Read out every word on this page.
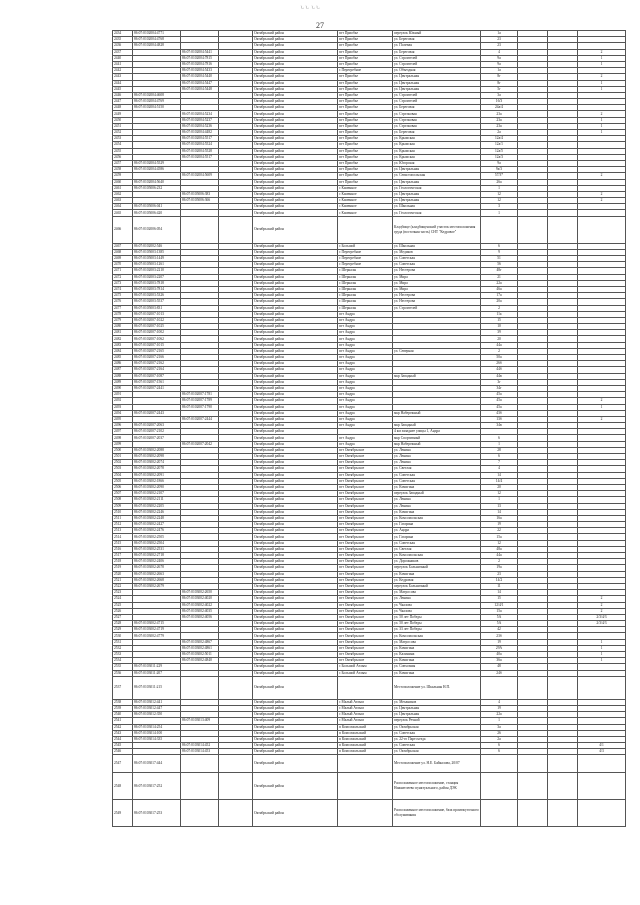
ㄴㄴ ㄴㄴ
27
2434	86:07:0102004:4771			Октябрьский район	пгт Приобье	переулок Южный	1а			
2435	86:07:0102004:4768			Октябрьский район	пгт Приобье	ул. Береговая	23			
2436	86:07:0102004:4828			Октябрьский район	пгт Приобье	ул. Полевая	23			
2437		86:07:0102004:5441		Октябрьский район	пгт Приобье	ул. Береговая	4			2
2440		86:07:0102004:7815		Октябрьский район	пгт Приобье	ул. Строителей	9а			1
2441		86:07:0102004:7816		Октябрьский район	пгт Приобье	ул. Строителей	9а			1
2442		86:07:0102004:5433		Октябрьский район	с Перегребное	ул. Объездная	1а			
2443		86:07:0102004:5440		Октябрьский район	пгт Приобье	ул. Центральная	8г			2
2444		86:07:0102004:5447		Октябрьский район	пгт Приобье	ул. Центральная	8г			1
2445		86:07:0102004:5448		Октябрьский район	пгт Приобье	ул. Центральная	5г			1
2446	86:07:0102004:4608			Октябрьский район	пгт Приобье	ул. Строителей	3а			
2447	86:07:0102004:4769			Октябрьский район	пгт Приобье	ул. Строителей	16/3			
2448	86:07:0102004:5150			Октябрьский район	пгт Приобье	ул. Береговая	24а/4			
2449		86:07:0102004:5234		Октябрьский район	пгт Приобье	ул. Стрелковая	23а			2
2450		86:07:0102004:5237		Октябрьский район	пгт Приобье	ул. Стрелковая	23а			1
2451		86:07:0102004:5236		Октябрьский район	пгт Приобье	ул. Стрелковая	23а			1
2452		86:07:0102004:4482		Октябрьский район	пгт Приобье	ул. Береговая	2а			1
2453		86:07:0102004:5517		Октябрьский район	пгт Приобье	ул. Крымская	12а/4			
2454		86:07:0102004:5524		Октябрьский район	пгт Приобье	ул. Крымская	12а/1			
2455		86:07:0102004:5528		Октябрьский район	пгт Приобье	ул. Крымская	12а/5			
2456		86:07:0102004:5517		Октябрьский район	пгт Приобье	ул. Крымская	12а/3			
2457	86:07:0102004:5529			Октябрьский район	пгт Приобье	ул. Югорская	9а			
2458	86:07:0102004:4586			Октябрьский район	пгт Приобье	ул. Центральная	9а/3			
2459		86:07:0102004:5609		Октябрьский район	пгт Приобье	ул. Севастопольская	57/3*			2
2460	86:07:0102004:5640			Октябрьский район	пгт Приобье	ул. Центральная	26а			
2461	86:07:0105006:232			Октябрьский район	с Каменное	ул. Геологическая	1			
2462		86:07:0105006:383		Октябрьский район	с Каменное	ул. Центральная	12			2
2463		86:07:0105006:366		Октябрьский район	с Каменное	ул. Центральная	12			2
2464	86:07:0105006:041			Октябрьский район	с Каменное	ул. Школьная	3			
2465	86:07:0105006:420			Октябрьский район	с Каменное	ул. Геологическая	1			
2466	86:07:0102006:054			Октябрьский район		Кладбище (кладбищенский участок местоположения груда (восточная часть) СНТ "Кедровое"				
2467	86:07:0102002:546			Октябрьский район	с Большой	ул. Школьная	6			
2468	86:07:0105003:1385			Октябрьский район	с Перегребное	ул. Медиков	9			
2469	86:07:0105003:1449			Октябрьский район	с Перегребное	ул. Советская	51			
2470	86:07:0105003:1261			Октябрьский район	с Перегребное	ул. Советская	56			
2471	86:07:0102003:2210			Октябрьский район	с Шеркалы	ул. Нестерова	48г			
2472	86:07:0102003:2207			Октябрьский район	с Шеркалы	ул. Мира	21			
2473	86:07:0102003:7818			Октябрьский район	с Шеркалы	ул. Мира	22а			
2474	86:07:0102003:7814			Октябрьский район	с Шеркалы	ул. Мира	46а			
2475	86:07:0102003:5326			Октябрьский район	с Шеркалы	ул. Нестерова	17а			
2476	86:07:0102003:5537			Октябрьский район	с Шеркалы	ул. Нестерова	20а			
2477	86:07:0105003:831			Октябрьский район	с Шеркалы	ул. Строителей	2			
2478	86:07:0102007:1013			Октябрьский район	пгт Андра		11а			
2479	86:07:0102007:1022			Октябрьский район	пгт Андра		15			
2480	86:07:0102007:1025			Октябрьский район	пгт Андра		10			
2481	86:07:0102007:1002			Октябрьский район	пгт Андра		39			
2482	86:07:0102007:1062			Октябрьский район	пгт Андра		20			
2483	86:07:0102007:1015			Октябрьский район	пгт Андра		44а			
2484	86:07:0102007:2165			Октябрьский район	пгт Андра	ул. Северная	2			
2485	86:07:0102007:2166			Октябрьский район	пгт Андра		50а			
2486	86:07:0102007:2162			Октябрьский район	пгт Андра		26б			
2487	86:07:0102007:2164			Октябрьский район	пгт Андра		44б			
2488	86:07:0102007:1087			Октябрьский район	пгт Андра	мкр Западный	44в			
2489	86:07:0102007:1561			Октябрьский район	пгт Андра		3г			
2490	86:07:0102007:2441			Октябрьский район	пгт Андра		34г			
2491		86:07:0102007:1781		Октябрьский район	пгт Андра		45а			
2492		86:07:0102007:1789		Октябрьский район	пгт Андра		45а			2
2493		86:07:0102007:1790		Октябрьский район	пгт Андра		45а			1
2494	86:07:0102007:2443			Октябрьский район	пгт Андра	мкр Набережный	43б			
2495		86:07:0102007:2444		Октябрьский район	пгт Андра		13б			2
2496	86:07:0102007:2063			Октябрьский район	пгт Андра	мкр Западный	34в			
2497	86:07:0102007:2102			Октябрьский район		4 км западнее улицы 1, Андра				
2498	86:07:0102007:2037			Октябрьский район	пгт Андра	мкр Спортивный	6			
2499		86:07:0102007:2042		Октябрьский район	пгт Андра	мкр Набережный	1			
2500	86:07:0103002:2088			Октябрьский район	пгт Октябрьское	ул. Ленина	28			
2501	86:07:0103002:2098			Октябрьский район	пгт Октябрьское	ул. Ленина	6			
2502	86:07:0103002:2074			Октябрьский район	пгт Октябрьское	ул. Ленина	7			
2503	86:07:0103002:2078			Октябрьский район	пгт Октябрьское	ул. Светлая	4			
2504	86:07:0103002:2091			Октябрьский район	пгт Октябрьское	ул. Советская	14			
2505	86:07:0103002:1866			Октябрьский район	пгт Октябрьское	ул. Советская	14/4			
2506	86:07:0103002:2090			Октябрьский район	пгт Октябрьское	ул. Кичигина	20			
2507	86:07:0103002:2107			Октябрьский район	пгт Октябрьское	переулок Западный	12			
2508	86:07:0103002:2111			Октябрьский район	пгт Октябрьское	ул. Ленина	1			
2509	86:07:0103002:2205			Октябрьский район	пгт Октябрьское	ул. Ленина	13			
2510	86:07:0103002:2246			Октябрьский район	пгт Октябрьское	ул. Кичигина	14			
2511	86:07:0103002:2248			Октябрьский район	пгт Октябрьское	ул. Комсомольская	16а			
2512	86:07:0103002:2427			Октябрьский район	пгт Октябрьское	ул. Гагарина	19			
2513	86:07:0103002:2476			Октябрьский район	пгт Октябрьское	ул. Андра	22			
2514	86:07:0103002:2505			Октябрьский район	пгт Октябрьское	ул. Гагарина	15а			
2515	86:07:0103002:2504			Октябрьский район	пгт Октябрьское	ул. Советская	12			
2516	86:07:0103002:2531			Октябрьский район	пгт Октябрьское	ул. Светлая	48а			
2517	86:07:0103002:2718			Октябрьский район	пгт Октябрьское	ул. Комсомольская	44а			
2518	86:07:0103002:2406			Октябрьский район	пгт Октябрьское	ул. Дорожников	2			
2519	86:07:0103002:2678			Октябрьский район	пгт Октябрьское	переулок Больничный	19а			
2520	86:07:0103002:2663			Октябрьский район	пгт Октябрьское	ул. Кичигина	23			
2521	86:07:0103002:2668			Октябрьский район	пгт Октябрьское	ул. Кедровая	14/2			
2522	86:07:0103002:2679			Октябрьский район	пгт Октябрьское	переулок Больничный	11			
2523		86:07:0103002:2650		Октябрьский район	пгт Октябрьское	ул. Матросова	14			
2524		86:07:0103002:4020		Октябрьский район	пгт Октябрьское	ул. Ленина	15			2
2525		86:07:0103002:4022		Октябрьский район	пгт Октябрьское	ул. Чкалова	12/4/1			2
2526		86:07:0103002:4035		Октябрьский район	пгт Октябрьское	ул. Чкалова	15а			2
2527		86:07:0103002:4056		Октябрьский район	пгт Октябрьское	ул. 50 лет Победы	5А			2/3/4/3
2528	86:07:0103002:4715			Октябрьский район	пгт Октябрьское	ул. 50 лет Победы	5А			2/3/4/3
2529	86:07:0103002:4719			Октябрьский район	пгт Октябрьское	ул. 33 лет Победы	42			
2530	86:07:0103002:4779			Октябрьский район	пгт Октябрьское	ул. Комсомольская	23б			
2531		86:07:0103002:4867		Октябрьский район	пгт Октябрьское	ул. Матросова	19			1
2532		86:07:0103002:4861		Октябрьский район	пгт Октябрьское	ул. Кичигина	29А			1
2533		86:07:0103002:5011		Октябрьский район	пгт Октябрьское	ул. Калинина	40а			1
2534		86:07:0103002:4840		Октябрьский район	пгт Октябрьское	ул. Кичигина	36а			1
2535	86:07:0103011:229			Октябрьский район	с Большой Атлым	ул. Совхозная	48			
2536	86:07:0103011:207			Октябрьский район	с Большой Атлым	ул. Кичигина	24б			
2537	86:07:0103011:215			Октябрьский район		Местоположение ул. Шкальная Н.П.				
2538	86:07:0103012:441			Октябрьский район	с Малый Атлым	ул. Механиков	4			
2539	86:07:0103012:447			Октябрьский район	с Малый Атлым	ул. Центральная	19			
2540	86:07:0103012:350			Октябрьский район	с Малый Атлым	ул. Центральная	22а			
2541		86:07:0103013:409		Октябрьский район	с Малый Атлым	переулок Речной	1			
2542	86:07:0103014:254			Октябрьский район	п Комсомольский	ул. Октябрьская	3а			
2543	86:07:0103014:100			Октябрьский район	п Комсомольский	ул. Советская	26			
2544	86:07:0103014:335			Октябрьский район	п Комсомольский	ул. 22-го Партсъезда	2а			
2545		86:07:0103014:452		Октябрьский район	п Комсомольский	ул. Советская	6			4/1
2546		86:07:0103014:453		Октябрьский район	п Комсомольский	ул. Октябрьская	6			4/3
2547	86:07:0103017:444			Октябрьский район		Местоположение ул. Н.Е. Байкалова, 20/07				
2548	86:07:0103017:252			Октябрьский район		Расположенное местоположение, станция Нижнеглеево пунктуального, район ДЭК				
2549	86:07:0103017:253			Октябрьский район		Расположенное местоположение, база промежуточного обслуживания				
